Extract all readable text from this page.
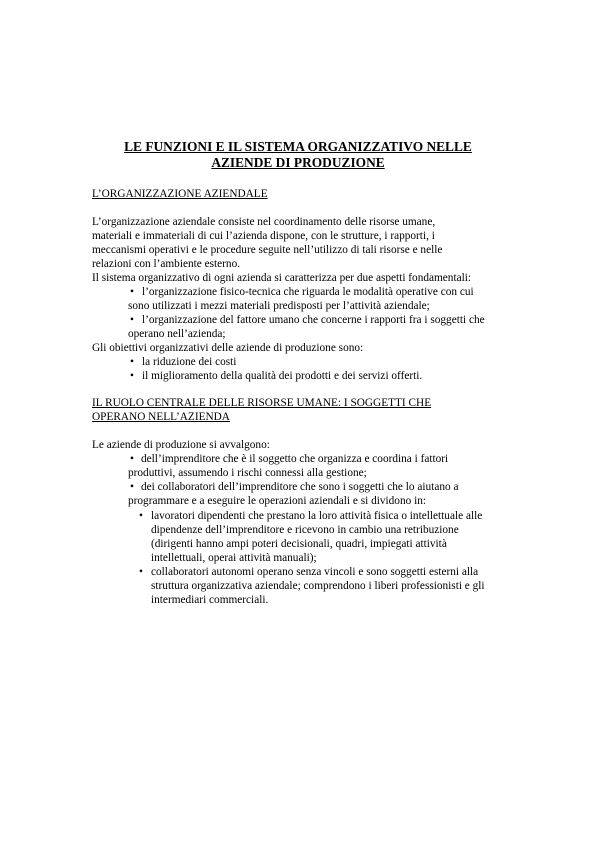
LE FUNZIONI E IL SISTEMA ORGANIZZATIVO NELLE
AZIENDE DI PRODUZIONE
L’ORGANIZZAZIONE AZIENDALE
L’organizzazione aziendale consiste nel coordinamento delle risorse umane,
materiali e immateriali di cui l’azienda dispone, con le strutture, i rapporti, i
meccanismi operativi e le procedure seguite nell’utilizzo di tali risorse e nelle
relazioni con l’ambiente esterno.
Il sistema organizzativo di ogni azienda si caratterizza per due aspetti fondamentali:
• l’organizzazione fisico-tecnica che riguarda le modalità operative con cui
sono utilizzati i mezzi materiali predisposti per l’attività aziendale;
• l’organizzazione del fattore umano che concerne i rapporti fra i soggetti che
operano nell’azienda;
Gli obiettivi organizzativi delle aziende di produzione sono:
• la riduzione dei costi
• il miglioramento della qualità dei prodotti e dei servizi offerti.
IL RUOLO CENTRALE DELLE RISORSE UMANE: I SOGGETTI CHE
OPERANO NELL’AZIENDA
Le aziende di produzione si avvalgono:
• dell’imprenditore che è il soggetto che organizza e coordina i fattori
produttivi, assumendo i rischi connessi alla gestione;
• dei collaboratori dell’imprenditore che sono i soggetti che lo aiutano a
programmare e a eseguire le operazioni aziendali e si dividono in:
• lavoratori dipendenti che prestano la loro attività fisica o intellettuale alle
dipendenze dell’imprenditore e ricevono in cambio una retribuzione
(dirigenti hanno ampi poteri decisionali, quadri, impiegati attività
intellettuali, operai attività manuali);
• collaboratori autonomi operano senza vincoli e sono soggetti esterni alla
struttura organizzativa aziendale; comprendono i liberi professionisti e gli
intermediari commerciali.
